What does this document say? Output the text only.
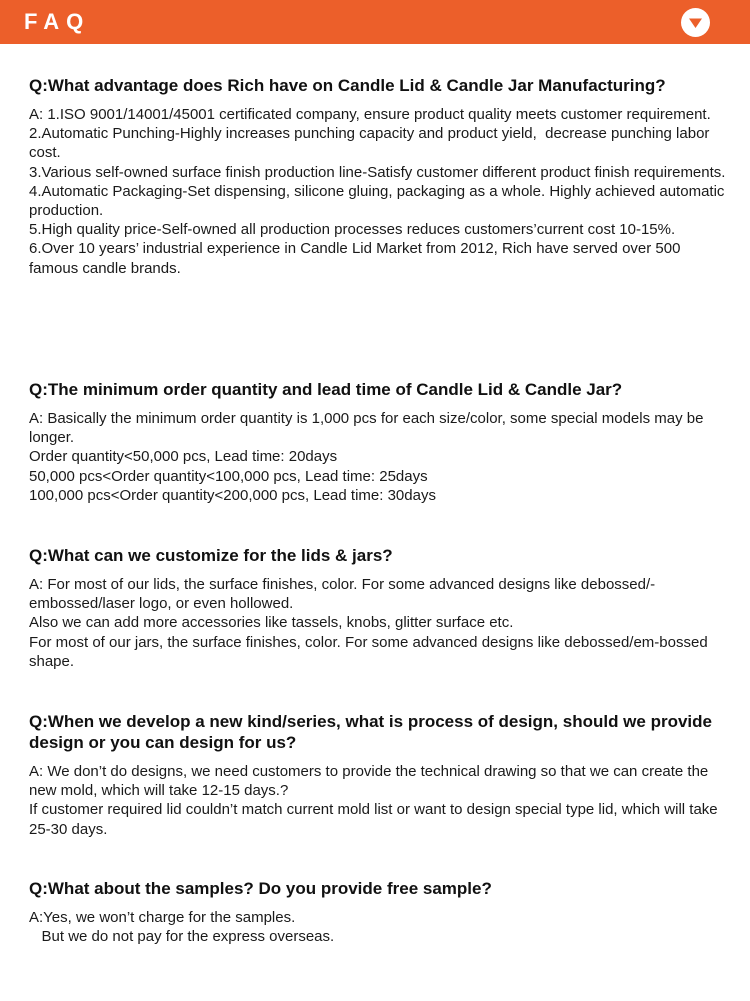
FAQ
Q:What advantage does Rich have on Candle Lid & Candle Jar Manufacturing?
A: 1.ISO 9001/14001/45001 certificated company, ensure product quality meets customer requirement.
2.Automatic Punching-Highly increases punching capacity and product yield,  decrease punching labor cost.
3.Various self-owned surface finish production line-Satisfy customer different product finish requirements.
4.Automatic Packaging-Set dispensing, silicone gluing, packaging as a whole. Highly achieved automatic production.
5.High quality price-Self-owned all production processes reduces customers’current cost 10-15%.
6.Over 10 years’ industrial experience in Candle Lid Market from 2012, Rich have served over 500 famous candle brands.
Q:The minimum order quantity and lead time of Candle Lid & Candle Jar?
A: Basically the minimum order quantity is 1,000 pcs for each size/color, some special models may be longer.
Order quantity<50,000 pcs, Lead time: 20days
50,000 pcs<Order quantity<100,000 pcs, Lead time: 25days
100,000 pcs<Order quantity<200,000 pcs, Lead time: 30days
Q:What can we customize for the lids & jars?
A: For most of our lids, the surface finishes, color. For some advanced designs like debossed/-embossed/laser logo, or even hollowed.
Also we can add more accessories like tassels, knobs, glitter surface etc.
For most of our jars, the surface finishes, color. For some advanced designs like debossed/em-bossed shape.
Q:When we develop a new kind/series, what is process of design, should we provide design or you can design for us?
A: We don’t do designs, we need customers to provide the technical drawing so that we can create the new mold, which will take 12-15 days.?
If customer required lid couldn’t match current mold list or want to design special type lid, which will take 25-30 days.
Q:What about the samples? Do you provide free sample?
A:Yes, we won’t charge for the samples.
But we do not pay for the express overseas.
